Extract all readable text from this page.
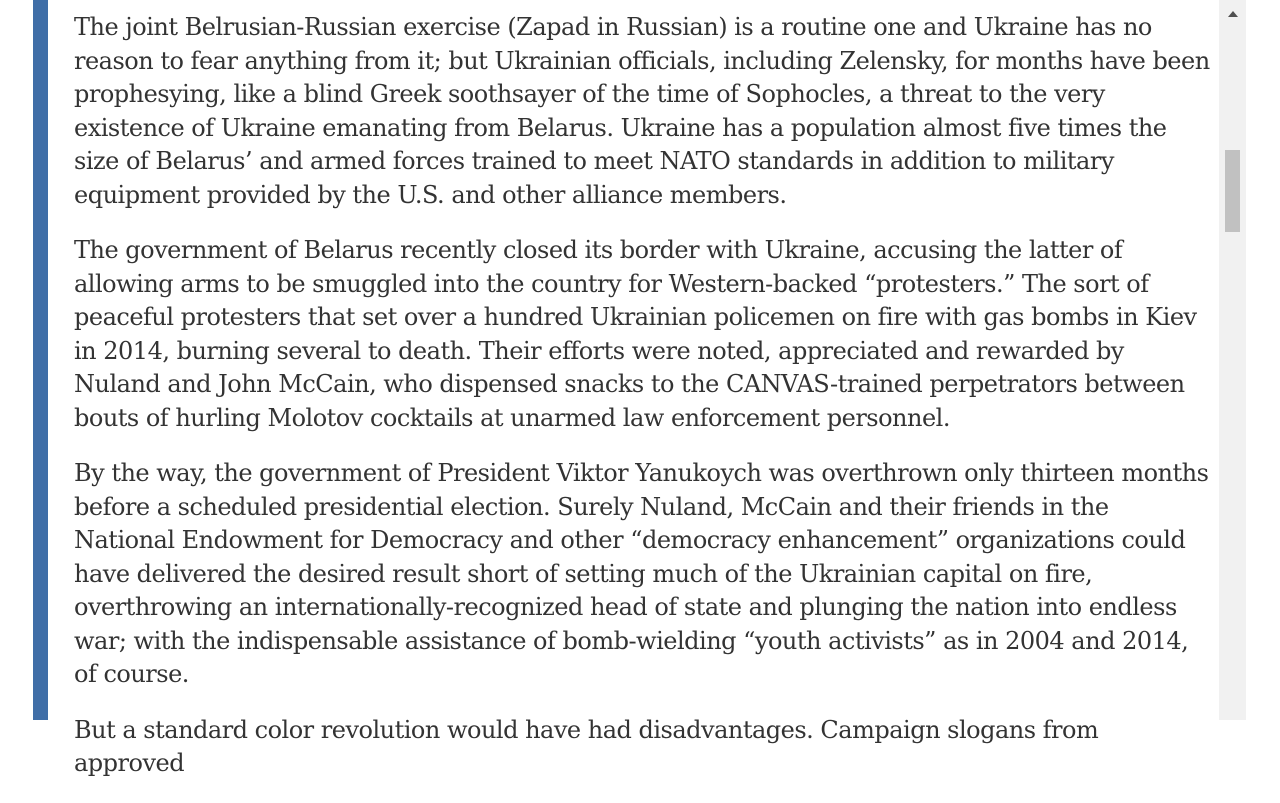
The joint Belrusian-Russian exercise (Zapad in Russian) is a routine one and Ukraine has no reason to fear anything from it; but Ukrainian officials, including Zelensky, for months have been prophesying, like a blind Greek soothsayer of the time of Sophocles, a threat to the very existence of Ukraine emanating from Belarus. Ukraine has a population almost five times the size of Belarus’ and armed forces trained to meet NATO standards in addition to military equipment provided by the U.S. and other alliance members.

The government of Belarus recently closed its border with Ukraine, accusing the latter of allowing arms to be smuggled into the country for Western-backed “protesters.” The sort of peaceful protesters that set over a hundred Ukrainian policemen on fire with gas bombs in Kiev in 2014, burning several to death. Their efforts were noted, appreciated and rewarded by Nuland and John McCain, who dispensed snacks to the CANVAS-trained perpetrators between bouts of hurling Molotov cocktails at unarmed law enforcement personnel.

By the way, the government of President Viktor Yanukoych was overthrown only thirteen months before a scheduled presidential election. Surely Nuland, McCain and their friends in the National Endowment for Democracy and other “democracy enhancement” organizations could have delivered the desired result short of setting much of the Ukrainian capital on fire, overthrowing an internationally-recognized head of state and plunging the nation into endless war; with the indispensable assistance of bomb-wielding “youth activists” as in 2004 and 2014, of course.

But a standard color revolution would have had disadvantages. Campaign slogans from approved
